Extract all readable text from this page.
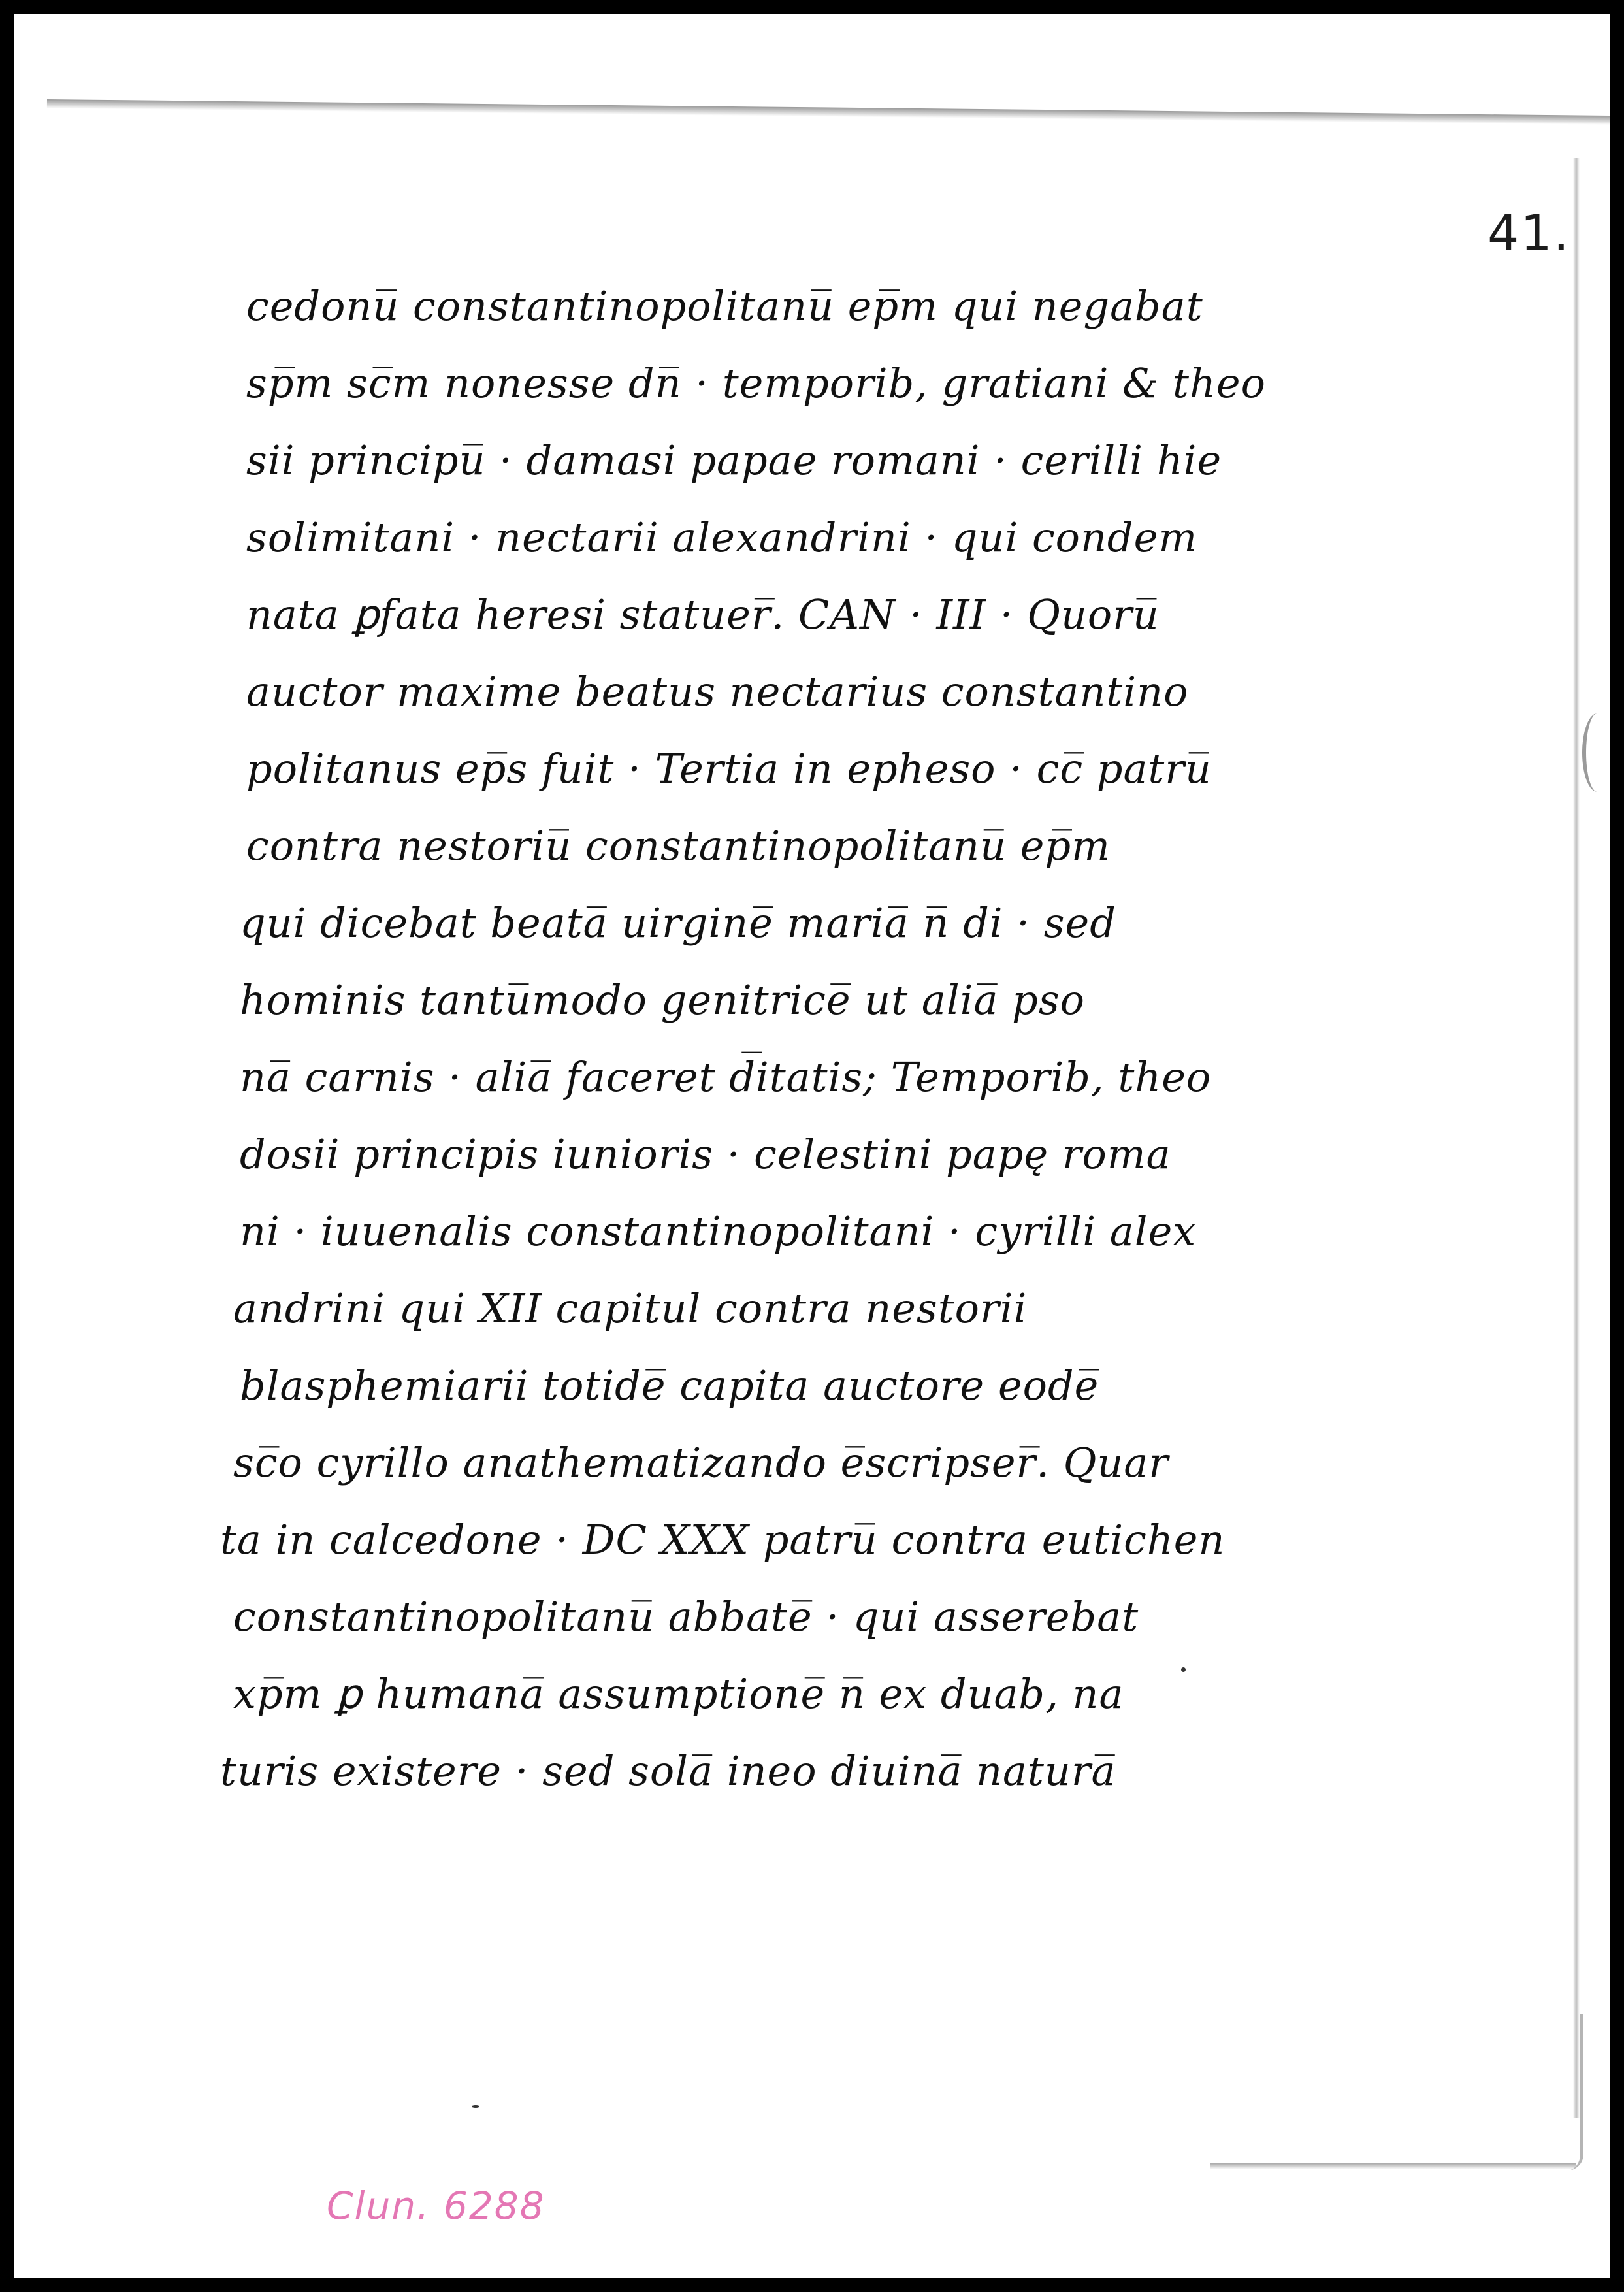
41.
cedonu̅ constantinopolitanu̅ ep̅m qui negabat
sp̅m sc̅m nonesse dn̅ · temporib, gratiani & theo
sii principu̅ · damasi papae romani · cerilli hie
solimitani · nectarii alexandrini · qui condem
nata ꝑfata heresi statuer̅. CAN · III · Quoru̅
auctor maxime beatus nectarius constantino
politanus ep̅s fuit · Tertia in epheso · cc̅ patru̅
contra nestoriu̅ constantinopolitanu̅ ep̅m
qui dicebat beata̅ uirgine̅ maria̅ n̅ di · sed
hominis tantu̅modo genitrice̅ ut alia̅ pso
na̅ carnis · alia̅ faceret d̅itatis; Temporib, theo
dosii principis iunioris · celestini papę roma
ni · iuuenalis constantinopolitani · cyrilli alex
andrini qui XII capitul contra nestorii
blasphemiarii totide̅ capita auctore eode̅
sc̅o cyrillo anathematizando e̅scripser̅. Quar
ta in calcedone · DC XXX patru̅ contra eutichen
constantinopolitanu̅ abbate̅ · qui asserebat
xp̅m ꝑ humana̅ assumptione̅ n̅ ex duab, na
turis existere · sed sola̅ ineo diuina̅ natura̅
Clun. 6288
